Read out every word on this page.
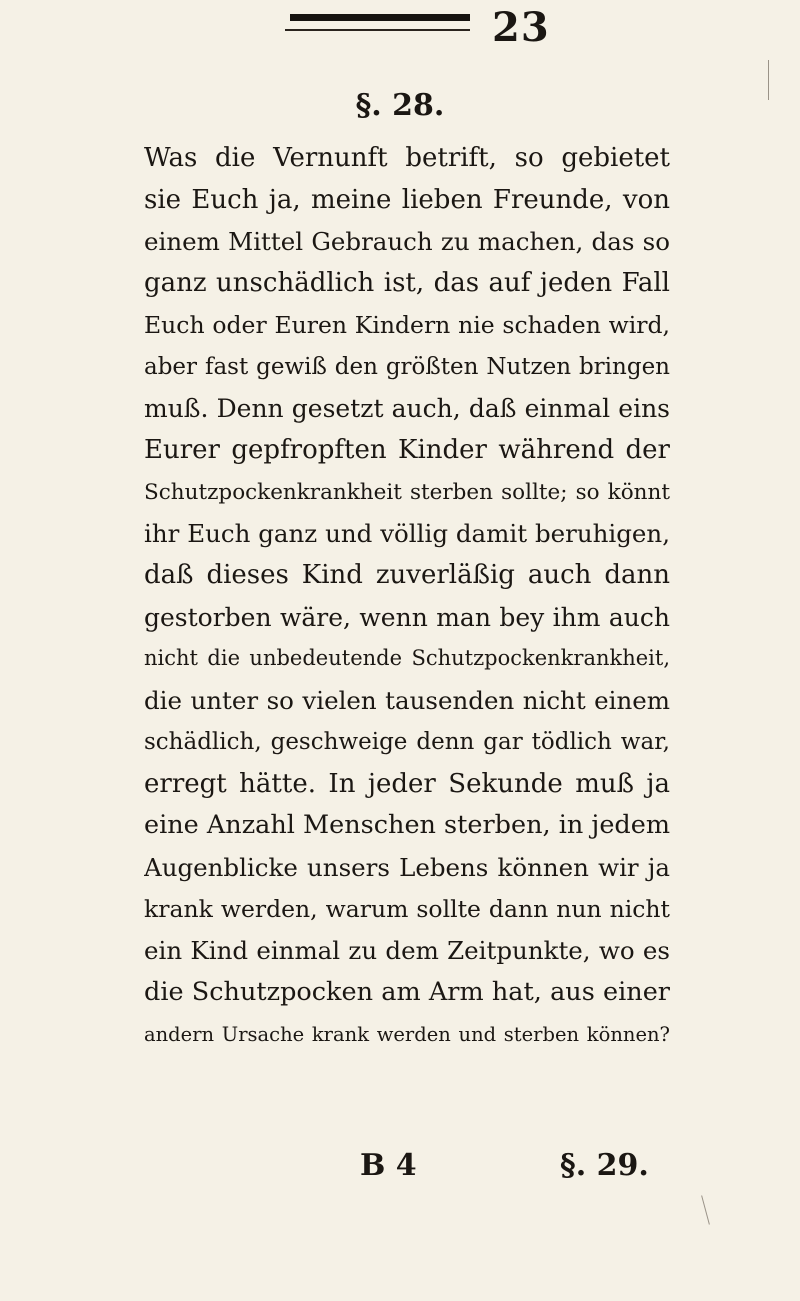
23
§. 28.
Was die Vernunft betrift, so gebietet
sie Euch ja, meine lieben Freunde, von
einem Mittel Gebrauch zu machen, das so
ganz unschädlich ist, das auf jeden Fall
Euch oder Euren Kindern nie schaden wird,
aber fast gewiß den größten Nutzen bringen
muß. Denn gesetzt auch, daß einmal eins
Eurer gepfropften Kinder während der
Schutzpockenkrankheit sterben sollte; so könnt
ihr Euch ganz und völlig damit beruhigen,
daß dieses Kind zuverläßig auch dann
gestorben wäre, wenn man bey ihm auch
nicht die unbedeutende Schutzpockenkrankheit,
die unter so vielen tausenden nicht einem
schädlich, geschweige denn gar tödlich war,
erregt hätte. In jeder Sekunde muß ja
eine Anzahl Menschen sterben, in jedem
Augenblicke unsers Lebens können wir ja
krank werden, warum sollte dann nun nicht
ein Kind einmal zu dem Zeitpunkte, wo es
die Schutzpocken am Arm hat, aus einer
andern Ursache krank werden und sterben können?
B 4	§. 29.
